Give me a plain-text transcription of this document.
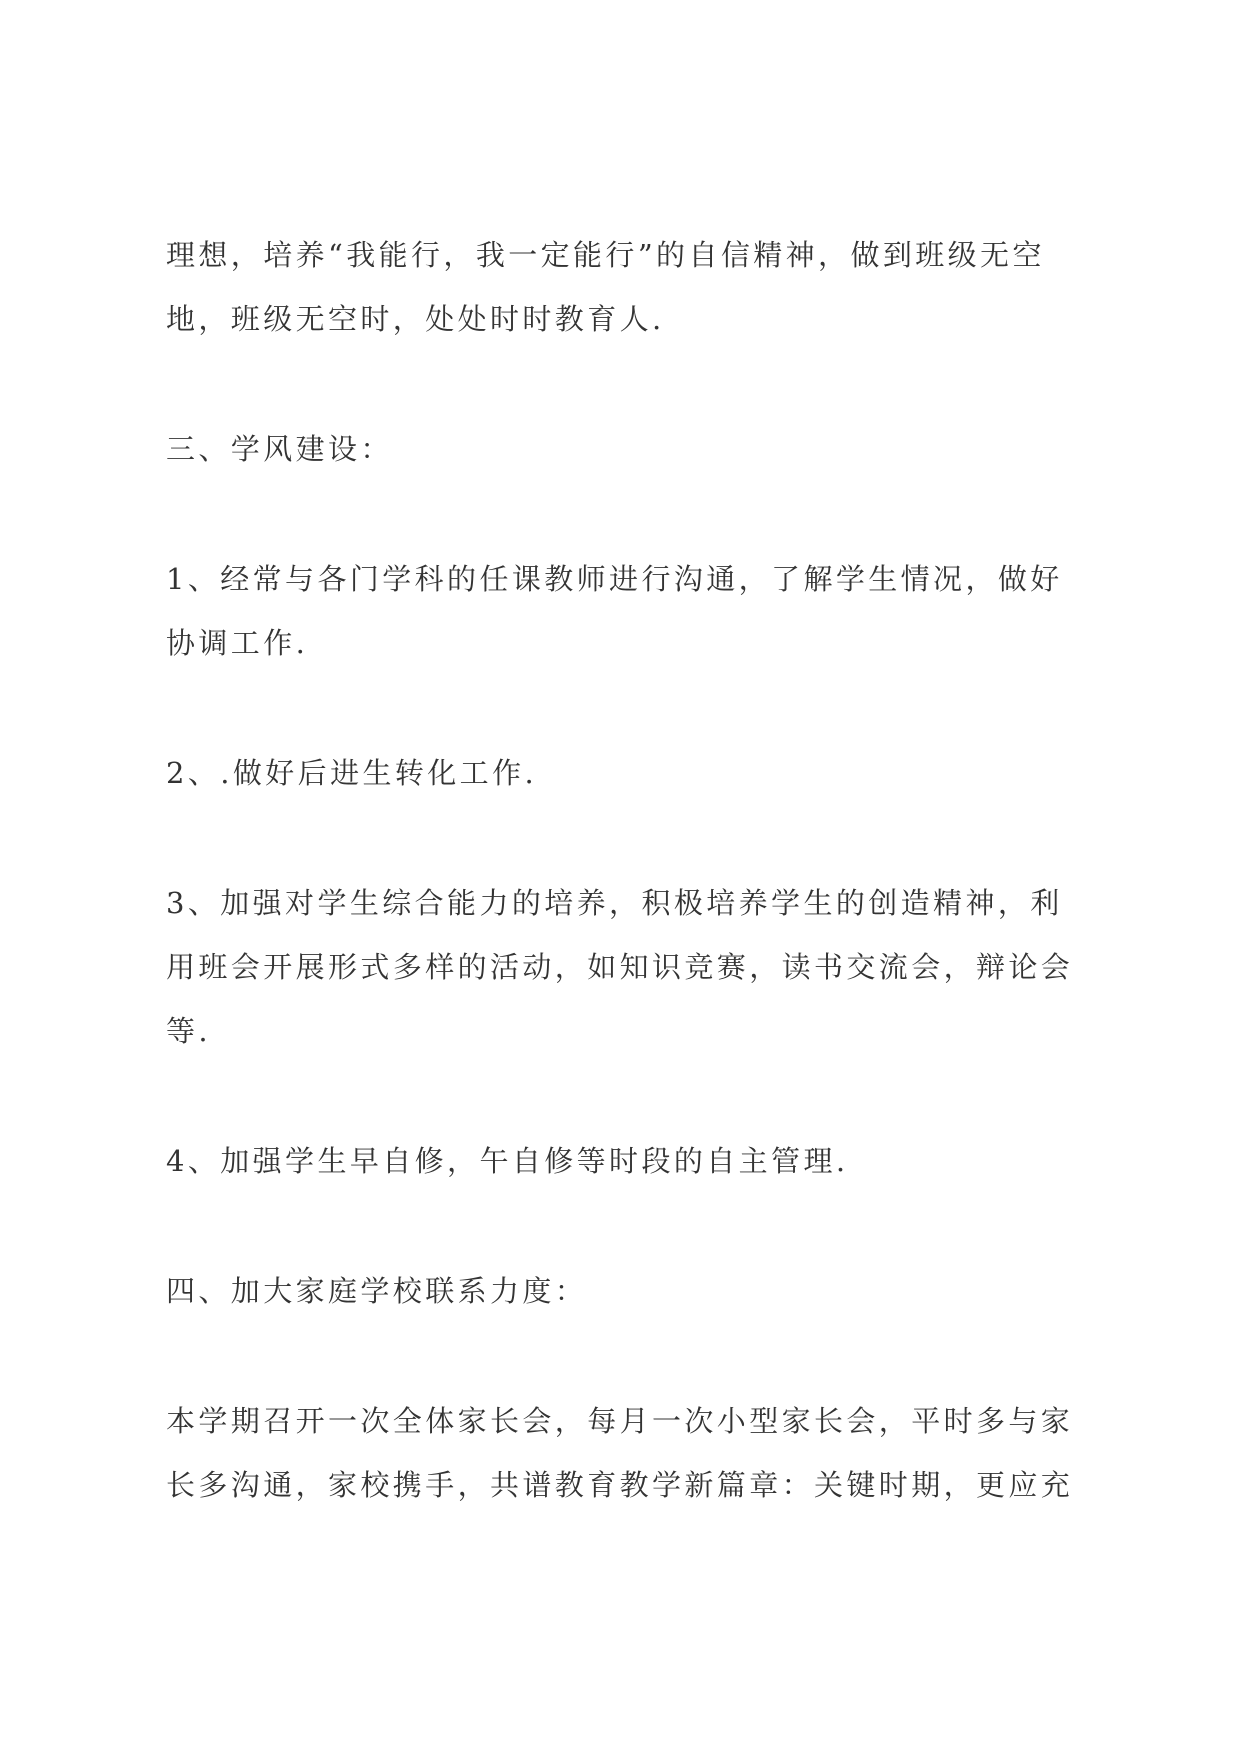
理想，培养“我能行，我一定能行”的自信精神，做到班级无空
地，班级无空时，处处时时教育人.
三、学风建设：
1、经常与各门学科的任课教师进行沟通，了解学生情况，做好
协调工作.
2、.做好后进生转化工作.
3、加强对学生综合能力的培养，积极培养学生的创造精神，利
用班会开展形式多样的活动，如知识竞赛，读书交流会，辩论会
等.
4、加强学生早自修，午自修等时段的自主管理.
四、加大家庭学校联系力度：
本学期召开一次全体家长会，每月一次小型家长会，平时多与家
长多沟通，家校携手，共谱教育教学新篇章：关键时期，更应充
